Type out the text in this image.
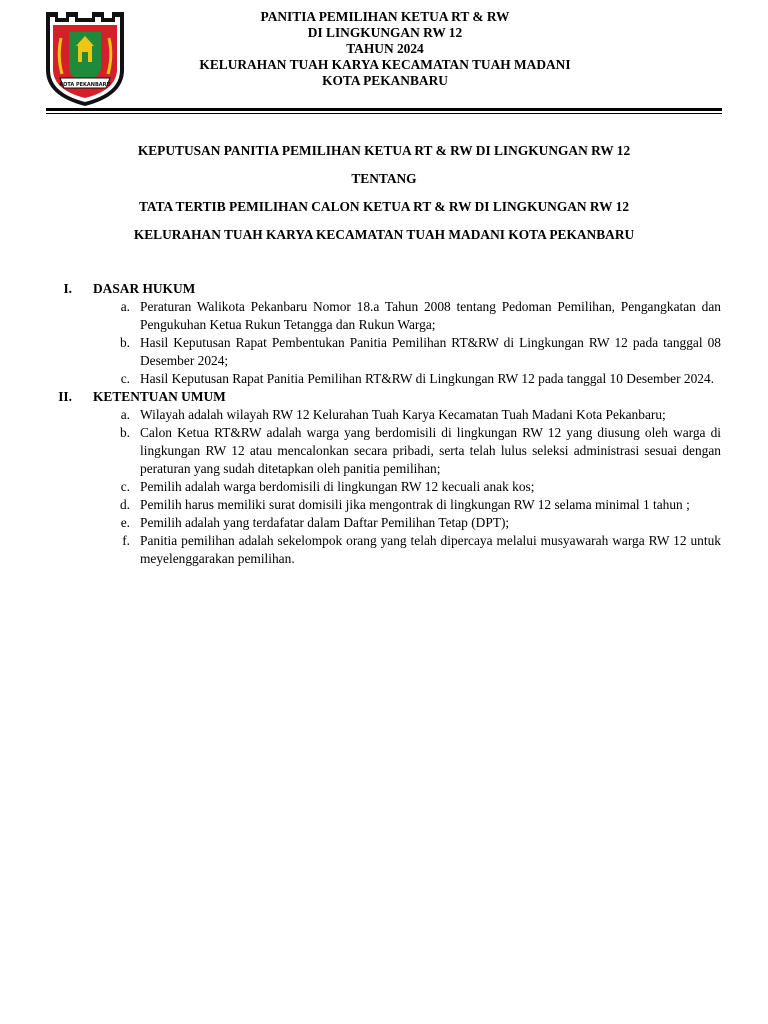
KOTA PEKANBARU
PANITIA PEMILIHAN KETUA RT & RW
DI LINGKUNGAN RW 12
TAHUN 2024
KELURAHAN TUAH KARYA KECAMATAN TUAH MADANI
KOTA PEKANBARU
KEPUTUSAN PANITIA PEMILIHAN KETUA RT & RW DI LINGKUNGAN RW 12
TENTANG
TATA TERTIB PEMILIHAN CALON KETUA RT & RW DI LINGKUNGAN RW 12
KELURAHAN TUAH KARYA KECAMATAN TUAH MADANI KOTA PEKANBARU
I. DASAR HUKUM
a. Peraturan Walikota Pekanbaru Nomor 18.a Tahun 2008 tentang Pedoman Pemilihan, Pengangkatan dan Pengukuhan Ketua Rukun Tetangga dan Rukun Warga;
b. Hasil Keputusan Rapat Pembentukan Panitia Pemilihan RT&RW di Lingkungan RW 12 pada tanggal 08 Desember 2024;
c. Hasil Keputusan Rapat Panitia Pemilihan RT&RW di Lingkungan RW 12 pada tanggal 10 Desember 2024.
II. KETENTUAN UMUM
a. Wilayah adalah wilayah RW 12 Kelurahan Tuah Karya Kecamatan Tuah Madani Kota Pekanbaru;
b. Calon Ketua RT&RW adalah warga yang berdomisili di lingkungan RW 12 yang diusung oleh warga di lingkungan RW 12 atau mencalonkan secara pribadi, serta telah lulus seleksi administrasi sesuai dengan peraturan yang sudah ditetapkan oleh panitia pemilihan;
c. Pemilih adalah warga berdomisili di lingkungan RW 12 kecuali anak kos;
d. Pemilih harus memiliki surat domisili jika mengontrak di lingkungan RW 12 selama minimal 1 tahun ;
e. Pemilih adalah yang terdafatar dalam Daftar Pemilihan Tetap (DPT);
f. Panitia pemilihan adalah sekelompok orang yang telah dipercaya melalui musyawarah warga RW 12 untuk meyelenggarakan pemilihan.
